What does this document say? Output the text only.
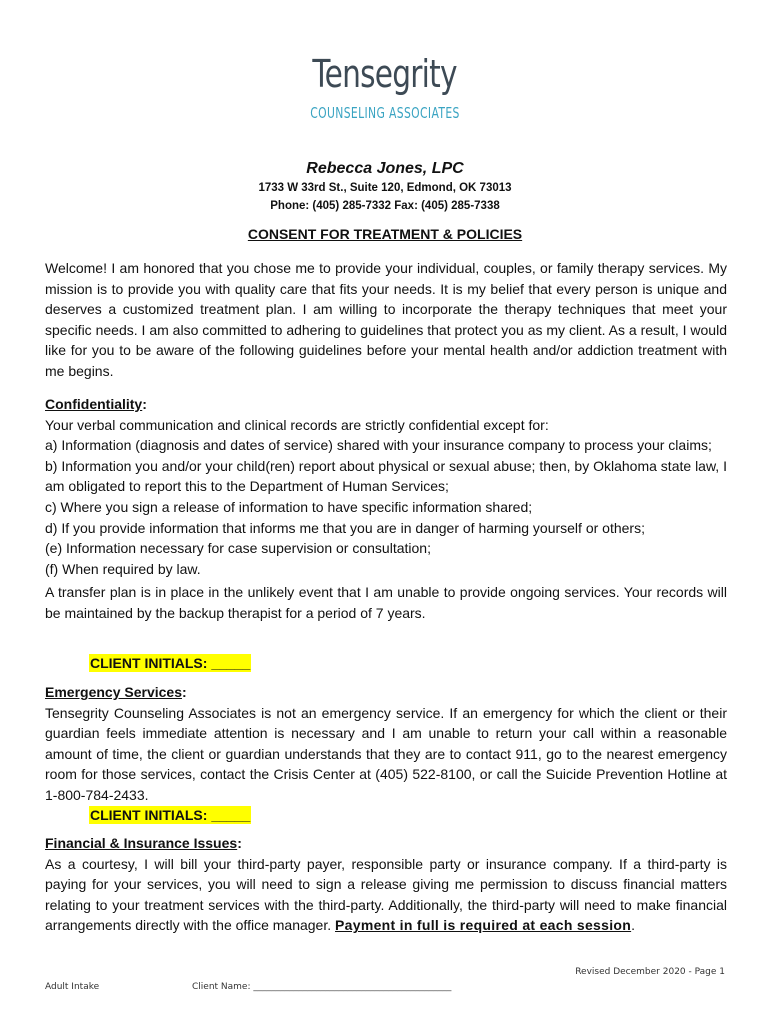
Tensegrity
COUNSELING ASSOCIATES
Rebecca Jones, LPC
1733 W 33rd St., Suite 120, Edmond, OK 73013
Phone: (405) 285-7332 Fax: (405) 285-7338
CONSENT FOR TREATMENT & POLICIES
Welcome! I am honored that you chose me to provide your individual, couples, or family therapy services. My mission is to provide you with quality care that fits your needs. It is my belief that every person is unique and deserves a customized treatment plan. I am willing to incorporate the therapy techniques that meet your specific needs. I am also committed to adhering to guidelines that protect you as my client. As a result, I would like for you to be aware of the following guidelines before your mental health and/or addiction treatment with me begins.

Confidentiality:

Your verbal communication and clinical records are strictly confidential except for:

a) Information (diagnosis and dates of service) shared with your insurance company to process your claims;

b) Information you and/or your child(ren) report about physical or sexual abuse; then, by Oklahoma state law, I am obligated to report this to the Department of Human Services;

c) Where you sign a release of information to have specific information shared;

d) If you provide information that informs me that you are in danger of harming yourself or others;

(e) Information necessary for case supervision or consultation;

(f) When required by law.

A transfer plan is in place in the unlikely event that I am unable to provide ongoing services. Your records will be maintained by the backup therapist for a period of 7 years.

CLIENT INITIALS: _____

Emergency Services:

Tensegrity Counseling Associates is not an emergency service. If an emergency for which the client or their guardian feels immediate attention is necessary and I am unable to return your call within a reasonable amount of time, the client or guardian understands that they are to contact 911, go to the nearest emergency room for those services, contact the Crisis Center at (405) 522-8100, or call the Suicide Prevention Hotline at 1-800-784-2433.

CLIENT INITIALS: _____

Financial & Insurance Issues:

As a courtesy, I will bill your third-party payer, responsible party or insurance company. If a third-party is paying for your services, you will need to sign a release giving me permission to discuss financial matters relating to your treatment services with the third-party. Additionally, the third-party will need to make financial arrangements directly with the office manager. Payment in full is required at each session.

Revised December 2020 - Page 1
Adult Intake	Client Name: ____________________________________________
